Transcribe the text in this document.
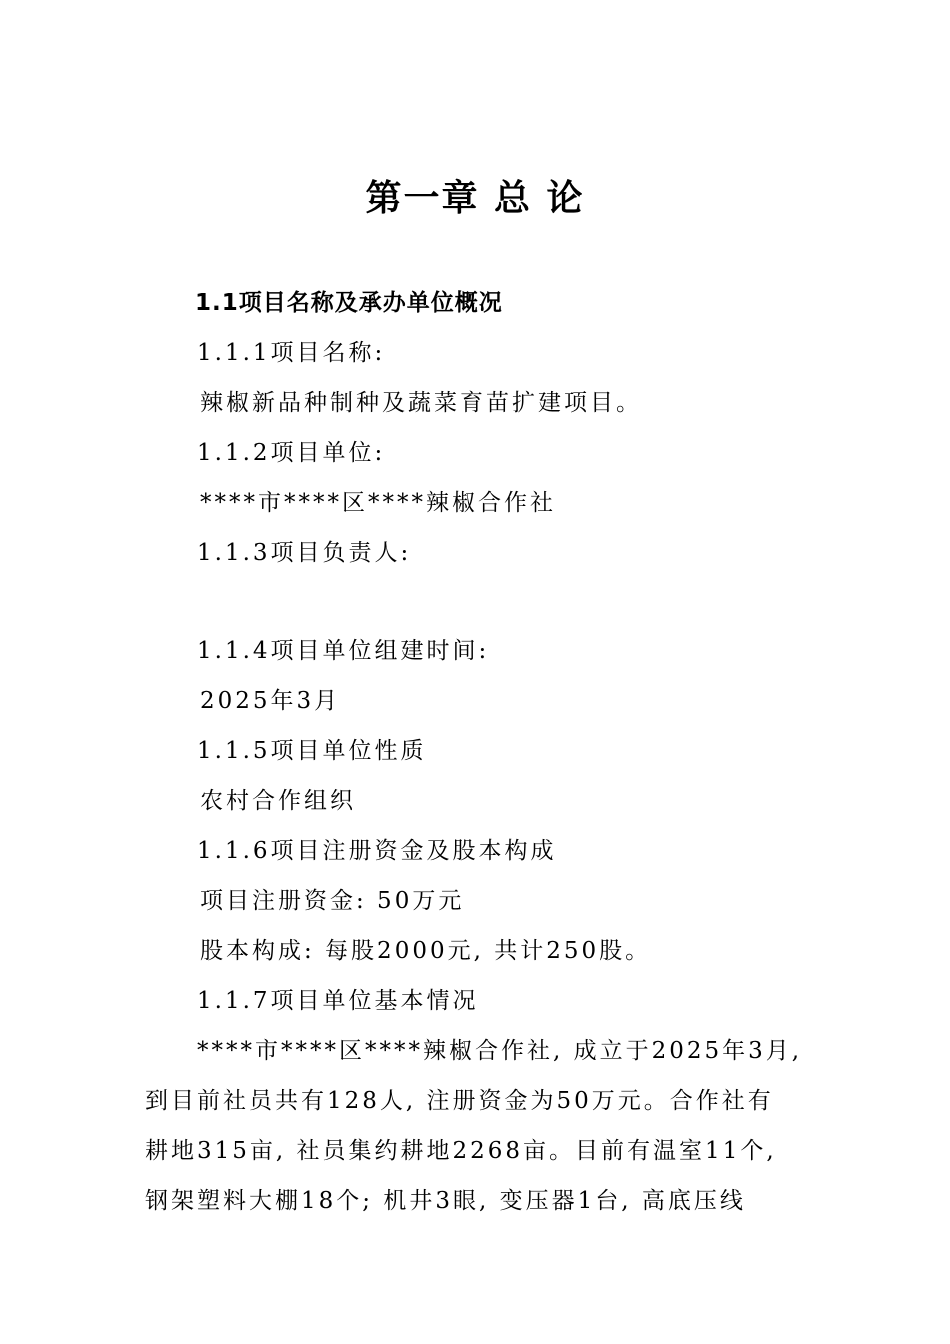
第一章 总 论
1.1项目名称及承办单位概况
1.1.1项目名称:
辣椒新品种制种及蔬菜育苗扩建项目。
1.1.2项目单位:
****市****区****辣椒合作社
1.1.3项目负责人:
1.1.4项目单位组建时间:
2025年3月
1.1.5项目单位性质
农村合作组织
1.1.6项目注册资金及股本构成
项目注册资金: 50万元
股本构成: 每股2000元, 共计250股。
1.1.7项目单位基本情况
****市****区****辣椒合作社, 成立于2025年3月,
到目前社员共有128人, 注册资金为50万元。合作社有
耕地315亩, 社员集约耕地2268亩。目前有温室11个,
钢架塑料大棚18个; 机井3眼, 变压器1台, 高底压线
